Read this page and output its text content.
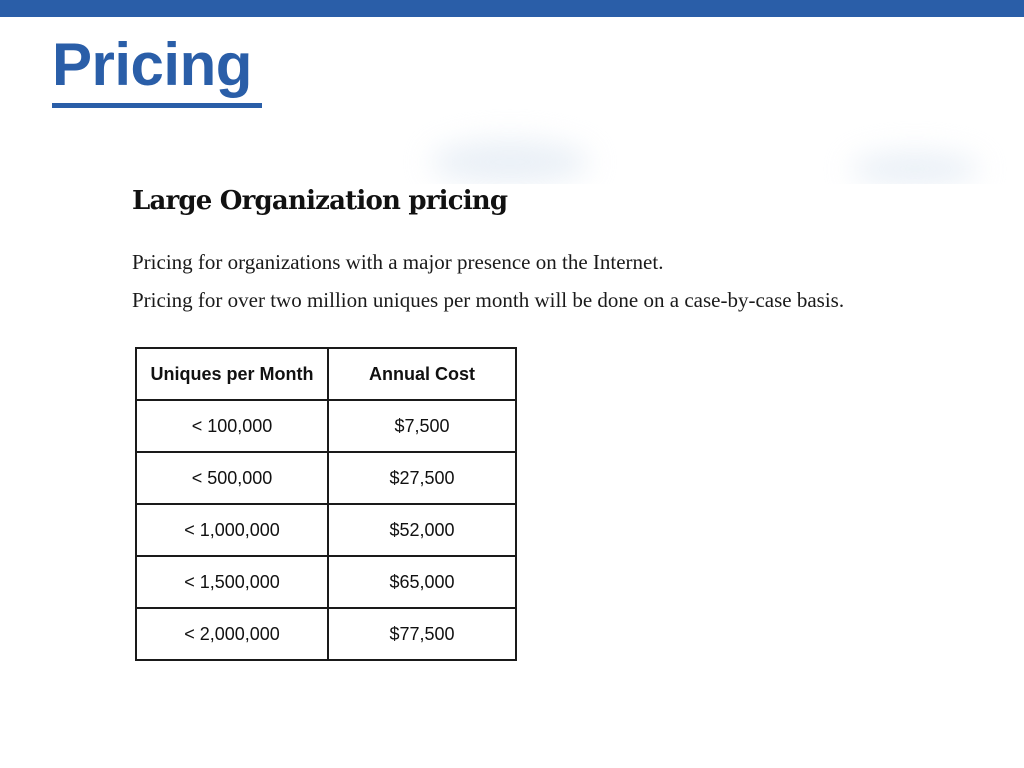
Pricing
Large Organization pricing

Pricing for organizations with a major presence on the Internet.

Pricing for over two million uniques per month will be done on a case-by-case basis.

Uniques per Month	Annual Cost
< 100,000	$7,500
< 500,000	$27,500
< 1,000,000	$52,000
< 1,500,000	$65,000
< 2,000,000	$77,500
